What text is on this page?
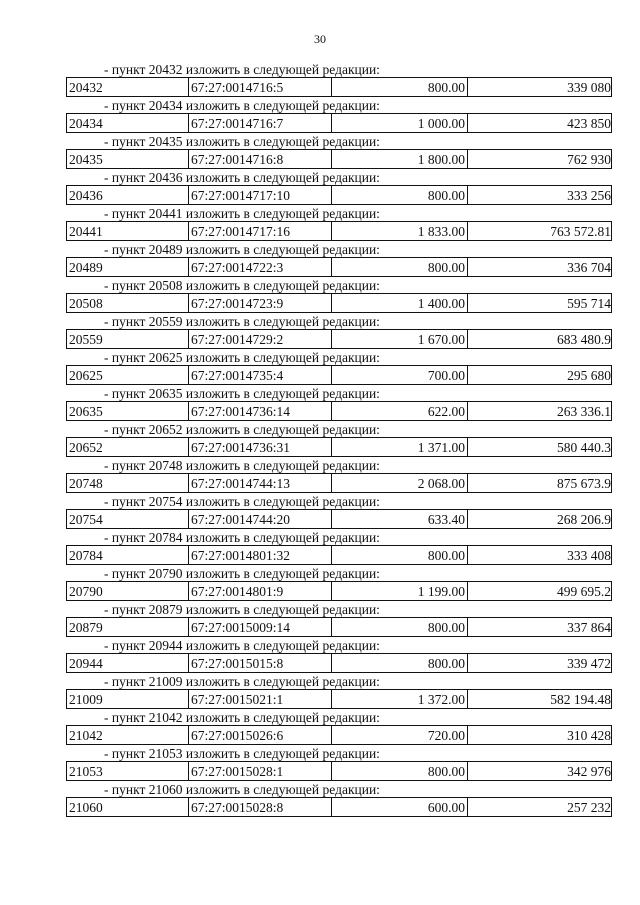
30
- пункт 20432 изложить в следующей редакции:
20432	67:27:0014716:5	800.00	339 080
- пункт 20434 изложить в следующей редакции:
20434	67:27:0014716:7	1 000.00	423 850
- пункт 20435 изложить в следующей редакции:
20435	67:27:0014716:8	1 800.00	762 930
- пункт 20436 изложить в следующей редакции:
20436	67:27:0014717:10	800.00	333 256
- пункт 20441 изложить в следующей редакции:
20441	67:27:0014717:16	1 833.00	763 572.81
- пункт 20489 изложить в следующей редакции:
20489	67:27:0014722:3	800.00	336 704
- пункт 20508 изложить в следующей редакции:
20508	67:27:0014723:9	1 400.00	595 714
- пункт 20559 изложить в следующей редакции:
20559	67:27:0014729:2	1 670.00	683 480.9
- пункт 20625 изложить в следующей редакции:
20625	67:27:0014735:4	700.00	295 680
- пункт 20635 изложить в следующей редакции:
20635	67:27:0014736:14	622.00	263 336.1
- пункт 20652 изложить в следующей редакции:
20652	67:27:0014736:31	1 371.00	580 440.3
- пункт 20748 изложить в следующей редакции:
20748	67:27:0014744:13	2 068.00	875 673.9
- пункт 20754 изложить в следующей редакции:
20754	67:27:0014744:20	633.40	268 206.9
- пункт 20784 изложить в следующей редакции:
20784	67:27:0014801:32	800.00	333 408
- пункт 20790 изложить в следующей редакции:
20790	67:27:0014801:9	1 199.00	499 695.2
- пункт 20879 изложить в следующей редакции:
20879	67:27:0015009:14	800.00	337 864
- пункт 20944 изложить в следующей редакции:
20944	67:27:0015015:8	800.00	339 472
- пункт 21009 изложить в следующей редакции:
21009	67:27:0015021:1	1 372.00	582 194.48
- пункт 21042 изложить в следующей редакции:
21042	67:27:0015026:6	720.00	310 428
- пункт 21053 изложить в следующей редакции:
21053	67:27:0015028:1	800.00	342 976
- пункт 21060 изложить в следующей редакции:
21060	67:27:0015028:8	600.00	257 232
